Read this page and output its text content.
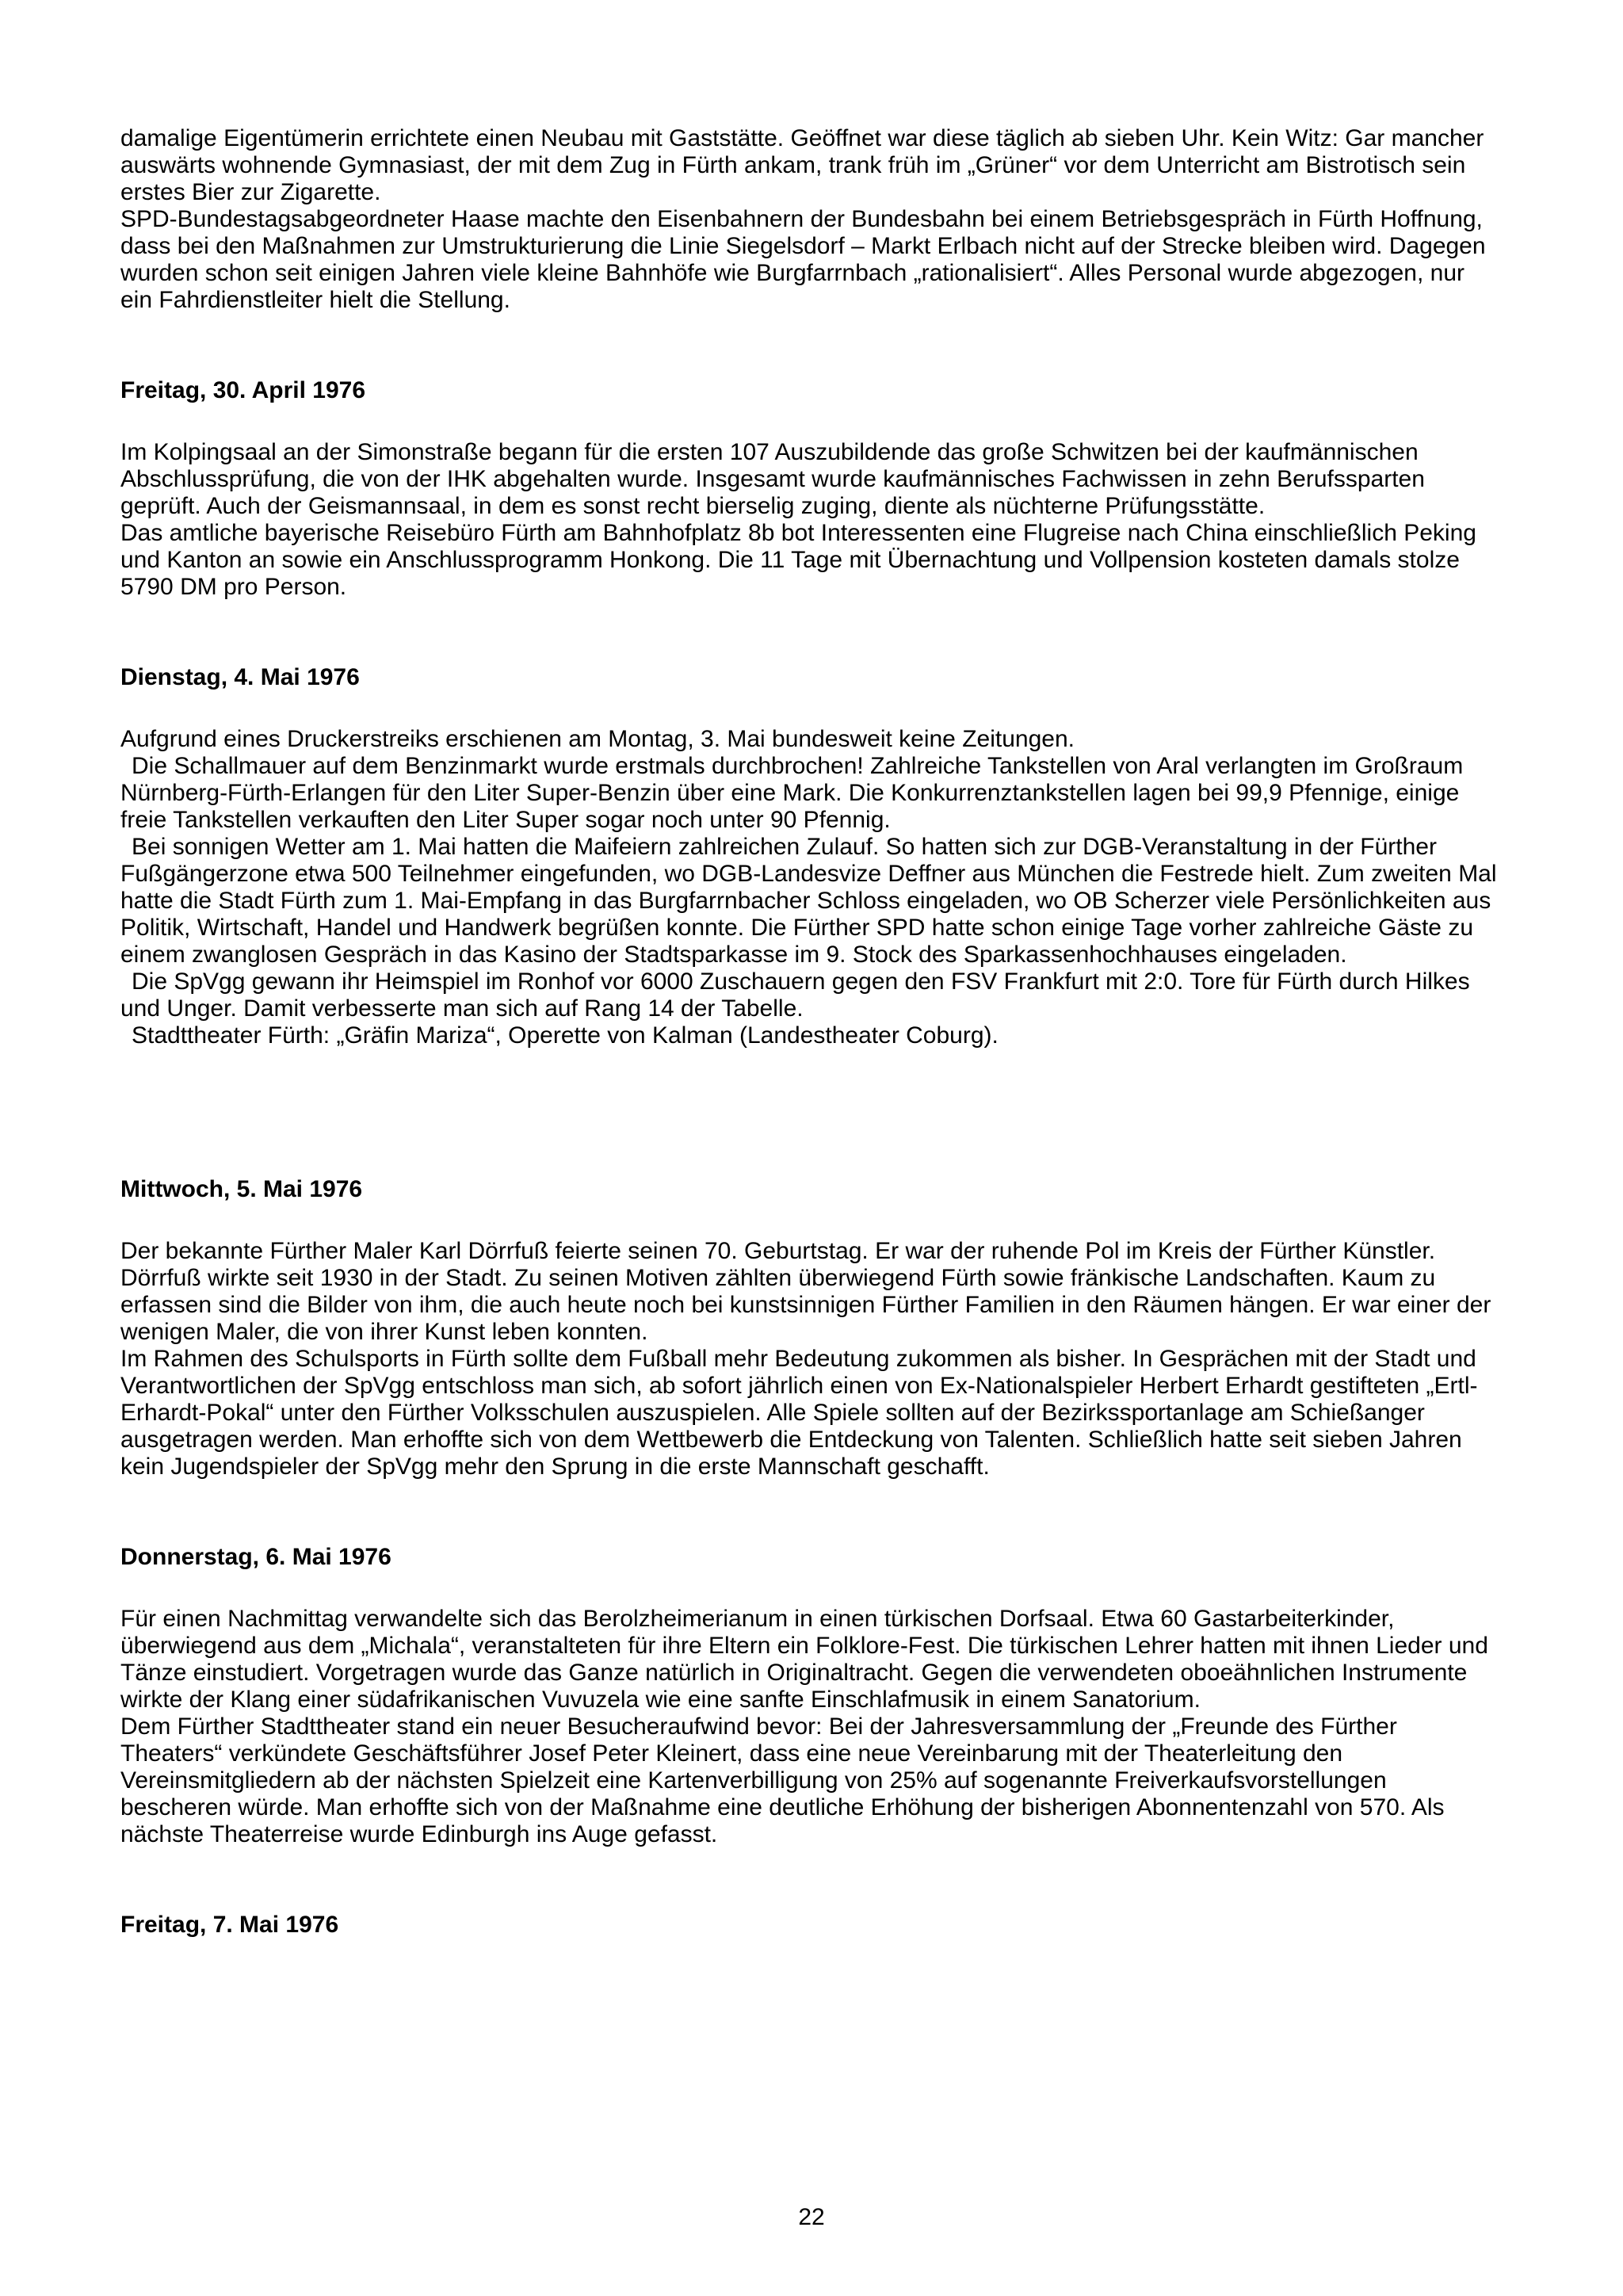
damalige Eigentümerin errichtete einen Neubau mit Gaststätte. Geöffnet war diese täglich ab sieben Uhr. Kein Witz: Gar mancher auswärts wohnende Gymnasiast, der mit dem Zug in Fürth ankam, trank früh im „Grüner“ vor dem Unterricht am Bistrotisch sein erstes Bier zur Zigarette.

SPD-Bundestagsabgeordneter Haase machte den Eisenbahnern der Bundesbahn bei einem Betriebsgespräch in Fürth Hoffnung, dass bei den Maßnahmen zur Umstrukturierung die Linie Siegelsdorf – Markt Erlbach nicht auf der Strecke bleiben wird. Dagegen wurden schon seit einigen Jahren viele kleine Bahnhöfe wie Burgfarrnbach „rationalisiert“. Alles Personal wurde abgezogen, nur ein Fahrdienstleiter hielt die Stellung.

Freitag, 30. April 1976

Im Kolpingsaal an der Simonstraße begann für die ersten 107 Auszubildende das große Schwitzen bei der kaufmännischen Abschlussprüfung, die von der IHK abgehalten wurde. Insgesamt wurde kaufmännisches Fachwissen in zehn Berufssparten geprüft. Auch der Geismannsaal, in dem es sonst recht bierselig zuging, diente als nüchterne Prüfungsstätte.

Das amtliche bayerische Reisebüro Fürth am Bahnhofplatz 8b bot Interessenten eine Flugreise nach China einschließlich Peking und Kanton an sowie ein Anschlussprogramm Honkong. Die 11 Tage mit Übernachtung und Vollpension kosteten damals stolze 5790 DM pro Person.

Dienstag, 4. Mai 1976

Aufgrund eines Druckerstreiks erschienen am Montag, 3. Mai bundesweit keine Zeitungen.

Die Schallmauer auf dem Benzinmarkt wurde erstmals durchbrochen! Zahlreiche Tankstellen von Aral verlangten im Großraum Nürnberg-Fürth-Erlangen für den Liter Super-Benzin über eine Mark. Die Konkurrenztankstellen lagen bei 99,9 Pfennige, einige freie Tankstellen verkauften den Liter Super sogar noch unter 90 Pfennig.

Bei sonnigen Wetter am 1. Mai hatten die Maifeiern zahlreichen Zulauf. So hatten sich zur DGB-Veranstaltung in der Fürther Fußgängerzone etwa 500 Teilnehmer eingefunden, wo DGB-Landesvize Deffner aus München die Festrede hielt. Zum zweiten Mal hatte die Stadt Fürth zum 1. Mai-Empfang in das Burgfarrnbacher Schloss eingeladen, wo OB Scherzer viele Persönlichkeiten aus Politik, Wirtschaft, Handel und Handwerk begrüßen konnte. Die Fürther SPD hatte schon einige Tage vorher zahlreiche Gäste zu einem zwanglosen Gespräch in das Kasino der Stadtsparkasse im 9. Stock des Sparkassenhochhauses eingeladen.

Die SpVgg gewann ihr Heimspiel im Ronhof vor 6000 Zuschauern gegen den FSV Frankfurt mit 2:0. Tore für Fürth durch Hilkes und Unger. Damit verbesserte man sich auf Rang 14 der Tabelle.

Stadttheater Fürth: „Gräfin Mariza“, Operette von Kalman (Landestheater Coburg).

Mittwoch, 5. Mai 1976

Der bekannte Fürther Maler Karl Dörrfuß feierte seinen 70. Geburtstag. Er war der ruhende Pol im Kreis der Fürther Künstler. Dörrfuß wirkte seit 1930 in der Stadt. Zu seinen Motiven zählten überwiegend Fürth sowie fränkische Landschaften. Kaum zu erfassen sind die Bilder von ihm, die auch heute noch bei kunstsinnigen Fürther Familien in den Räumen hängen. Er war einer der wenigen Maler, die von ihrer Kunst leben konnten.

Im Rahmen des Schulsports in Fürth sollte dem Fußball mehr Bedeutung zukommen als bisher. In Gesprächen mit der Stadt und Verantwortlichen der SpVgg entschloss man sich, ab sofort jährlich einen von Ex-Nationalspieler Herbert Erhardt gestifteten „Ertl-Erhardt-Pokal“ unter den Fürther Volksschulen auszuspielen. Alle Spiele sollten auf der Bezirkssportanlage am Schießanger ausgetragen werden. Man erhoffte sich von dem Wettbewerb die Entdeckung von Talenten. Schließlich hatte seit sieben Jahren kein Jugendspieler der SpVgg mehr den Sprung in die erste Mannschaft geschafft.

Donnerstag, 6. Mai 1976

Für einen Nachmittag verwandelte sich das Berolzheimerianum in einen türkischen Dorfsaal. Etwa 60 Gastarbeiterkinder, überwiegend aus dem „Michala“, veranstalteten für ihre Eltern ein Folklore-Fest. Die türkischen Lehrer hatten mit ihnen Lieder und Tänze einstudiert. Vorgetragen wurde das Ganze natürlich in Originaltracht. Gegen die verwendeten oboeähnlichen Instrumente wirkte der Klang einer südafrikanischen Vuvuzela wie eine sanfte Einschlafmusik in einem Sanatorium.

Dem Fürther Stadttheater stand ein neuer Besucheraufwind bevor: Bei der Jahresversammlung der „Freunde des Fürther Theaters“ verkündete Geschäftsführer Josef Peter Kleinert, dass eine neue Vereinbarung mit der Theaterleitung den Vereinsmitgliedern ab der nächsten Spielzeit eine Kartenverbilligung von 25% auf sogenannte Freiverkaufsvorstellungen bescheren würde. Man erhoffte sich von der Maßnahme eine deutliche Erhöhung der bisherigen Abonnentenzahl von 570. Als nächste Theaterreise wurde Edinburgh ins Auge gefasst.

Freitag, 7. Mai 1976
22
